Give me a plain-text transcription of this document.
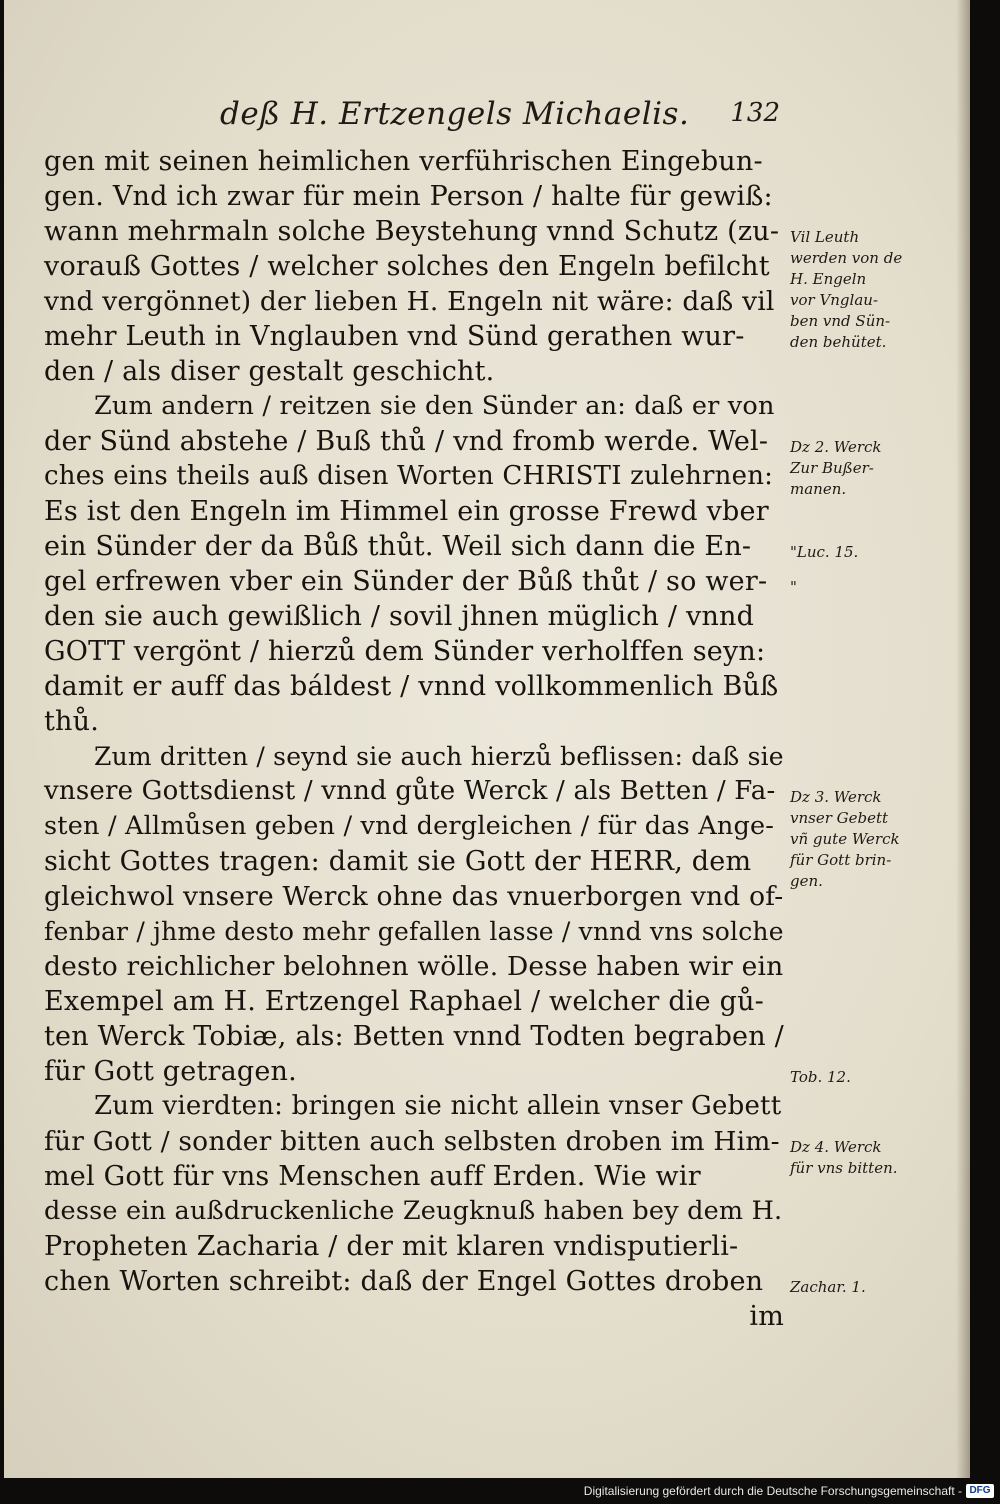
deß H. Ertzengels Michaelis. 132
gen mit seinen heimlichen verführischen Eingebun-
gen. Vnd ich zwar für mein Person / halte für gewiß:
wann mehrmaln solche Beystehung vnnd Schutz (zu-
vorauß Gottes / welcher solches den Engeln befilcht
vnd vergönnet) der lieben H. Engeln nit wäre: daß vil
mehr Leuth in Vnglauben vnd Sünd gerathen wur-
den / als diser gestalt geschicht.
Zum andern / reitzen sie den Sünder an: daß er von
der Sünd abstehe / Buß thů / vnd fromb werde. Wel-
ches eins theils auß disen Worten CHRISTI zulehrnen:
Es ist den Engeln im Himmel ein grosse Frewd vber
ein Sünder der da Bůß thůt. Weil sich dann die En-
gel erfrewen vber ein Sünder der Bůß thůt / so wer-
den sie auch gewißlich / sovil jhnen müglich / vnnd
GOTT vergönt / hierzů dem Sünder verholffen seyn:
damit er auff das báldest / vnnd vollkommenlich Bůß
thů.
Zum dritten / seynd sie auch hierzů beflissen: daß sie
vnsere Gottsdienst / vnnd gůte Werck / als Betten / Fa-
sten / Allmůsen geben / vnd dergleichen / für das Ange-
sicht Gottes tragen: damit sie Gott der HERR, dem
gleichwol vnsere Werck ohne das vnuerborgen vnd of-
fenbar / jhme desto mehr gefallen lasse / vnnd vns solche
desto reichlicher belohnen wölle. Desse haben wir ein
Exempel am H. Ertzengel Raphael / welcher die gů-
ten Werck Tobiæ, als: Betten vnnd Todten begraben /
für Gott getragen.
Zum vierdten: bringen sie nicht allein vnser Gebett
für Gott / sonder bitten auch selbsten droben im Him-
mel Gott für vns Menschen auff Erden. Wie wir
desse ein außdruckenliche Zeugknuß haben bey dem H.
Propheten Zacharia / der mit klaren vndisputierli-
chen Worten schreibt: daß der Engel Gottes droben
im
Vil Leuth
werden von de
H. Engeln
vor Vnglau-
ben vnd Sün-
den behütet.
Dz 2. Werck
Zur Bußer-
manen.
"Luc. 15.
"
Dz 3. Werck
vnser Gebett
vñ gute Werck
für Gott brin-
gen.
Tob. 12.
Dz 4. Werck
für vns bitten.
Zachar. 1.
Digitalisierung gefördert durch die Deutsche Forschungsgemeinschaft - DFG
